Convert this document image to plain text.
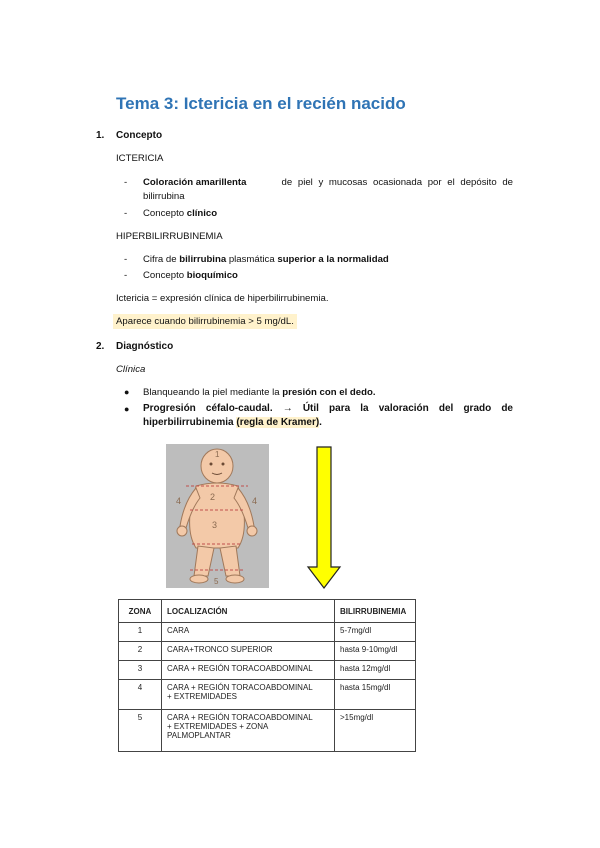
Tema 3: Ictericia en el recién nacido
1. Concepto
ICTERICIA
- Coloración amarillenta	de piel y mucosas ocasionada por el depósito de
bilirrubina
- Concepto clínico
HIPERBILIRRUBINEMIA
- Cifra de bilirrubina plasmática superior a la normalidad
- Concepto bioquímico
Ictericia = expresión clínica de hiperbilirrubinemia.
Aparece cuando bilirrubinemia > 5 mg/dL.
2. Diagnóstico
Clínica
● Blanqueando la piel mediante la presión con el dedo.
● Progresión céfalo-caudal. → Útil para la valoración del grado de
hiperbilirrubinemia (regla de Kramer).
1
2
3
4	4
5
ZONA	LOCALIZACIÓN	BILIRRUBINEMIA
1	CARA	5-7mg/dl
2	CARA+TRONCO SUPERIOR	hasta 9-10mg/dl
3	CARA + REGIÓN TORACOABDOMINAL	hasta 12mg/dl
4	CARA + REGIÓN TORACOABDOMINAL
+ EXTREMIDADES	hasta 15mg/dl
5	CARA + REGIÓN TORACOABDOMINAL
+ EXTREMIDADES + ZONA PALMOPLANTAR	>15mg/dl
